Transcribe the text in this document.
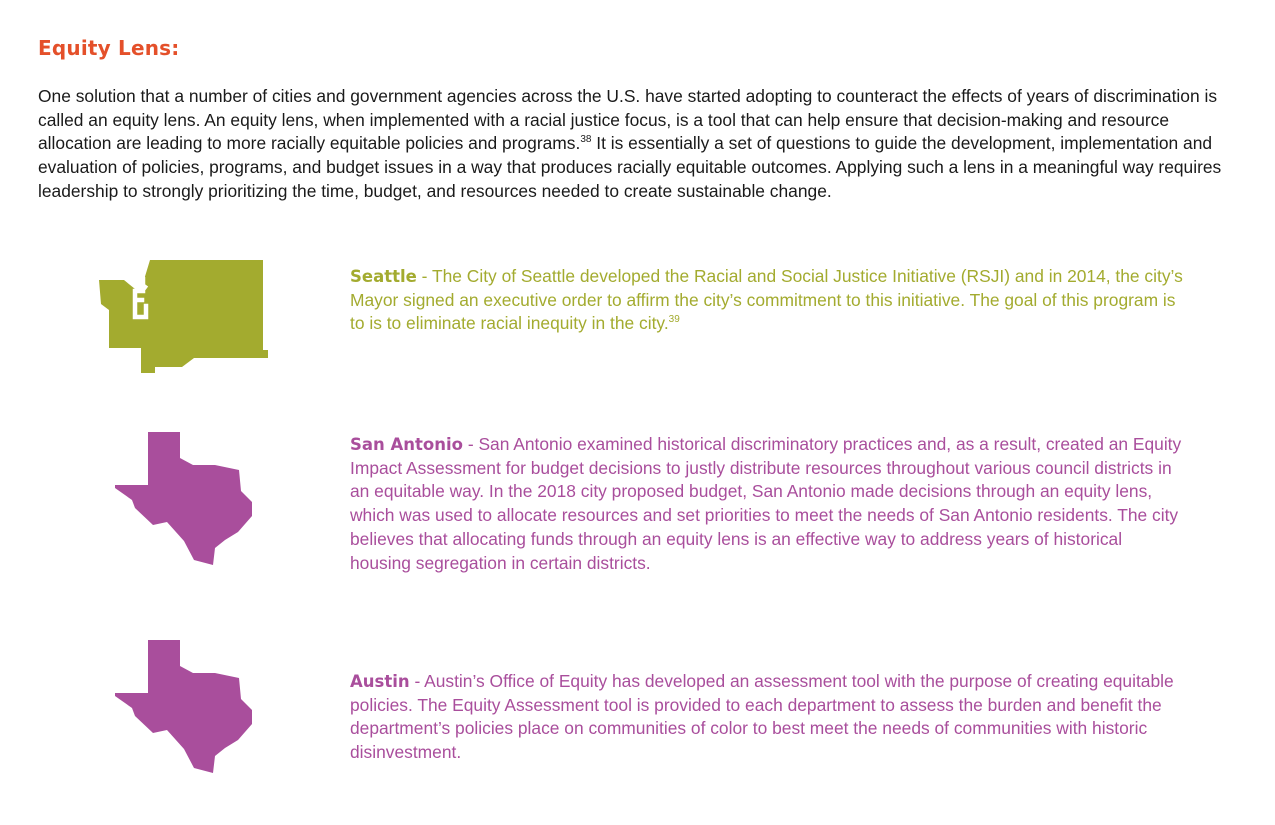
Equity Lens:

One solution that a number of cities and government agencies across the U.S. have started adopting to counteract the effects of years of discrimination is called an equity lens. An equity lens, when implemented with a racial justice focus, is a tool that can help ensure that decision-making and resource allocation are leading to more racially equitable policies and programs.$^{38}$ It is essentially a set of questions to guide the development, implementation and evaluation of policies, programs, and budget issues in a way that produces racially equitable outcomes. Applying such a lens in a meaningful way requires leadership to strongly prioritizing the time, budget, and resources needed to create sustainable change.

Seattle - The City of Seattle developed the Racial and Social Justice Initiative (RSJI) and in 2014, the city’s Mayor signed an executive order to affirm the city’s commitment to this initiative. The goal of this program is to is to eliminate racial inequity in the city.$^{39}$

San Antonio - San Antonio examined historical discriminatory practices and, as a result, created an Equity Impact Assessment for budget decisions to justly distribute resources throughout various council districts in an equitable way. In the 2018 city proposed budget, San Antonio made decisions through an equity lens, which was used to allocate resources and set priorities to meet the needs of San Antonio residents. The city believes that allocating funds through an equity lens is an effective way to address years of historical housing segregation in certain districts.

Austin - Austin’s Office of Equity has developed an assessment tool with the purpose of creating equitable policies. The Equity Assessment tool is provided to each department to assess the burden and benefit the department’s policies place on communities of color to best meet the needs of communities with historic disinvestment.
